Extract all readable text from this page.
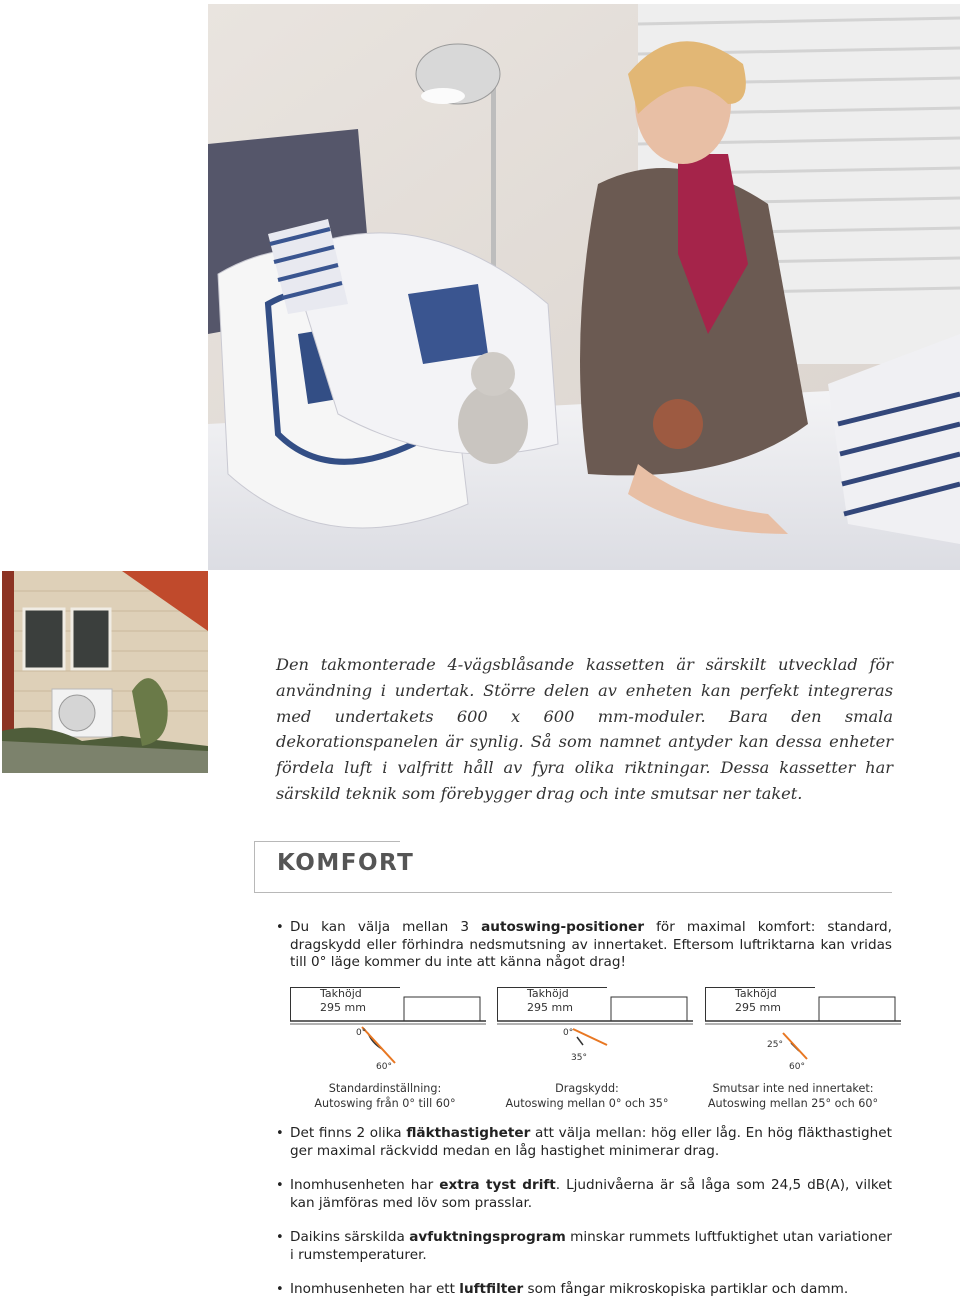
Den takmonterade 4-vägsblåsande kassetten är särskilt utvecklad för användning i undertak. Större delen av enheten kan perfekt integreras med undertakets 600 x 600 mm-moduler. Bara den smala dekorationspanelen är synlig. Så som namnet antyder kan dessa enheter fördela luft i valfritt håll av fyra olika riktningar. Dessa kassetter har särskild teknik som förebygger drag och inte smutsar ner taket.

KOMFORT
• Du kan välja mellan 3 autoswing-positioner för maximal komfort: standard, dragskydd eller förhindra nedsmutsning av innertaket. Eftersom luftriktarna kan vridas till 0° läge kommer du inte att känna något drag!
Takhöjd
295 mm
0°
60°
Standardinställning:
Autoswing från 0° till 60°
Takhöjd
295 mm
0°
35°
Dragskydd:
Autoswing mellan 0° och 35°
Takhöjd
295 mm
25°
60°
Smutsar inte ned innertaket:
Autoswing mellan 25° och 60°
• Det finns 2 olika fläkthastigheter att välja mellan: hög eller låg. En hög fläkthastighet ger maximal räckvidd medan en låg hastighet minimerar drag.
• Inomhusenheten har extra tyst drift. Ljudnivåerna är så låga som 24,5 dB(A), vilket kan jämföras med löv som prasslar.
• Daikins särskilda avfuktningsprogram minskar rummets luftfuktighet utan variationer i rumstemperaturer.
• Inomhusenheten har ett luftfilter som fångar mikroskopiska partiklar och damm.
